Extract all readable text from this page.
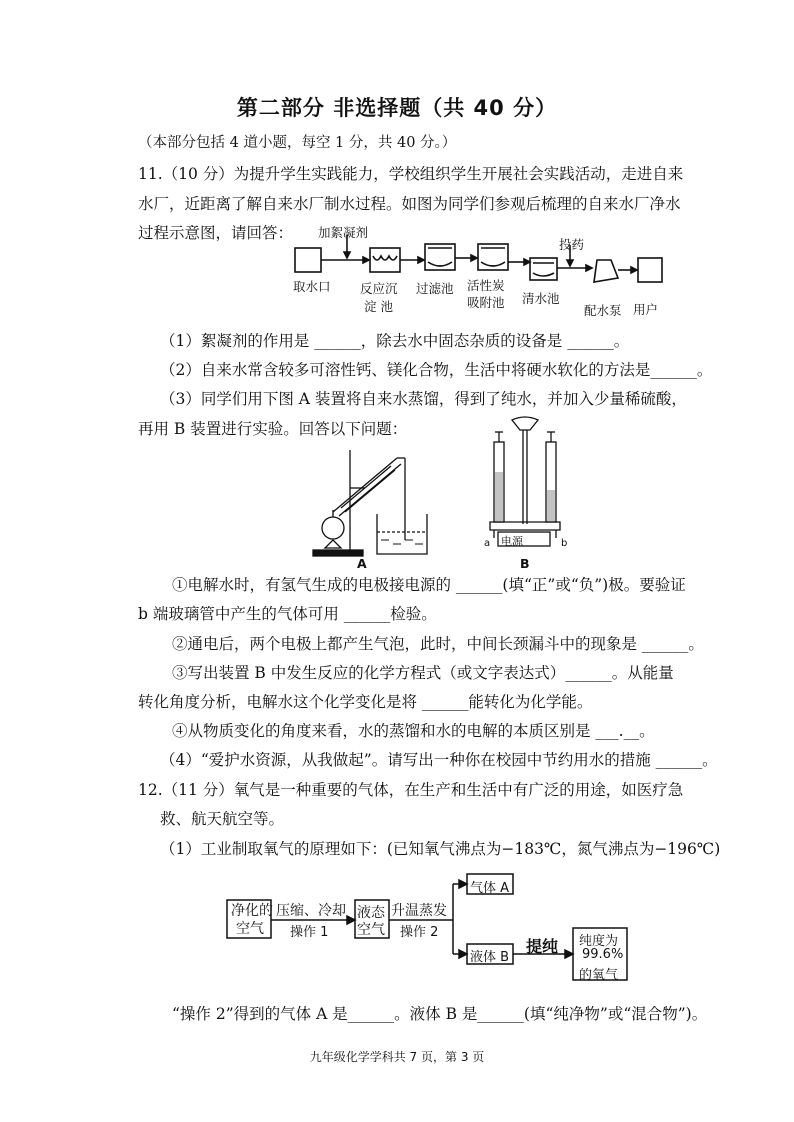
第二部分 非选择题（共 40 分）
（本部分包括 4 道小题，每空 1 分，共 40 分。）
11.（10 分）为提升学生实践能力，学校组织学生开展社会实践活动，走进自来
水厂，近距离了解自来水厂制水过程。如图为同学们参观后梳理的自来水厂净水
过程示意图，请回答： 加絮凝剂
投药
取水口 反应沉
淀 池
过滤池 活性炭
吸附池 清水池
配水泵 用户
（1）絮凝剂的作用是 ______，除去水中固态杂质的设备是 ______。
（2）自来水常含较多可溶性钙、镁化合物，生活中将硬水软化的方法是______。
（3）同学们用下图 A 装置将自来水蒸馏，得到了纯水，并加入少量稀硫酸，
再用 B 装置进行实验。回答以下问题：
A
电源
a	b
B
①电解水时，有氢气生成的电极接电源的 ______(填“正”或“负”)极。要验证
b 端玻璃管中产生的气体可用 ______检验。
②通电后，两个电极上都产生气泡，此时，中间长颈漏斗中的现象是 ______。
③写出装置 B 中发生反应的化学方程式（或文字表达式）______。从能量
转化角度分析，电解水这个化学变化是将 ______能转化为化学能。
④从物质变化的角度来看，水的蒸馏和水的电解的本质区别是 ___.__。
（4）“爱护水资源，从我做起”。请写出一种你在校园中节约用水的措施 ______。
12.（11 分）氧气是一种重要的气体，在生产和生活中有广泛的用途，如医疗急
救、航天航空等。
（1）工业制取氧气的原理如下：(已知氧气沸点为−183℃，氮气沸点为−196℃)
净化的
空气
压缩、冷却
操作 1
液态
空气
升温蒸发
操作 2
气体 A
液体 B
提纯 纯度为
99.6%
的氧气
“操作 2”得到的气体 A 是______。液体 B 是______(填“纯净物”或“混合物”)。
九年级化学学科共 7 页，第 3 页
